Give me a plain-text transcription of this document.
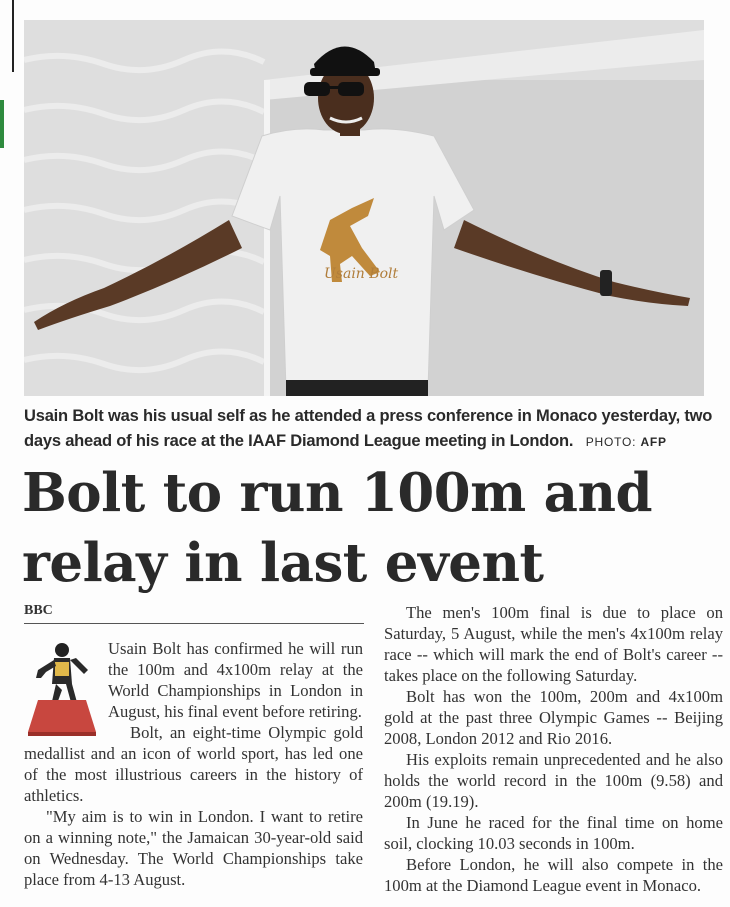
Usain Bolt
Usain Bolt was his usual self as he attended a press conference in Monaco yesterday, two days ahead of his race at the IAAF Diamond League meeting in London. PHOTO: AFP
Bolt to run 100m and relay in last event
BBC

Usain Bolt has confirmed he will run the 100m and 4x100m relay at the World Championships in London in August, his final event before retiring.

Bolt, an eight-time Olympic gold medallist and an icon of world sport, has led one of the most illustrious careers in the history of athletics.

"My aim is to win in London. I want to retire on a winning note," the Jamaican 30-year-old said on Wednesday. The World Championships take place from 4-13 August.

The men's 100m final is due to place on Saturday, 5 August, while the men's 4x100m relay race -- which will mark the end of Bolt's career -- takes place on the following Saturday.

Bolt has won the 100m, 200m and 4x100m gold at the past three Olympic Games -- Beijing 2008, London 2012 and Rio 2016.

His exploits remain unprecedented and he also holds the world record in the 100m (9.58) and 200m (19.19).

In June he raced for the final time on home soil, clocking 10.03 seconds in 100m.

Before London, he will also compete in the 100m at the Diamond League event in Monaco.
